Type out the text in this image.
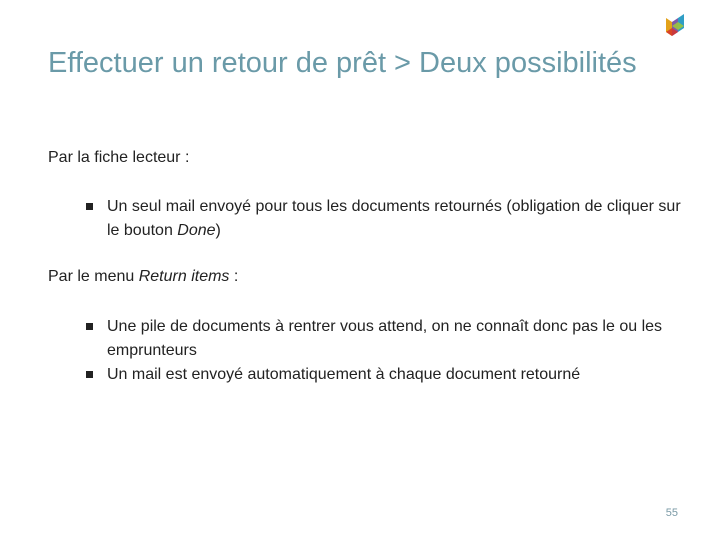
Effectuer un retour de prêt > Deux possibilités

Par la fiche lecteur :

Un seul mail envoyé pour tous les documents retournés (obligation de cliquer sur le bouton Done)

Par le menu Return items :

Une pile de documents à rentrer vous attend, on ne connaît donc pas le ou les emprunteurs
Un mail est envoyé automatiquement à chaque document retourné
55
